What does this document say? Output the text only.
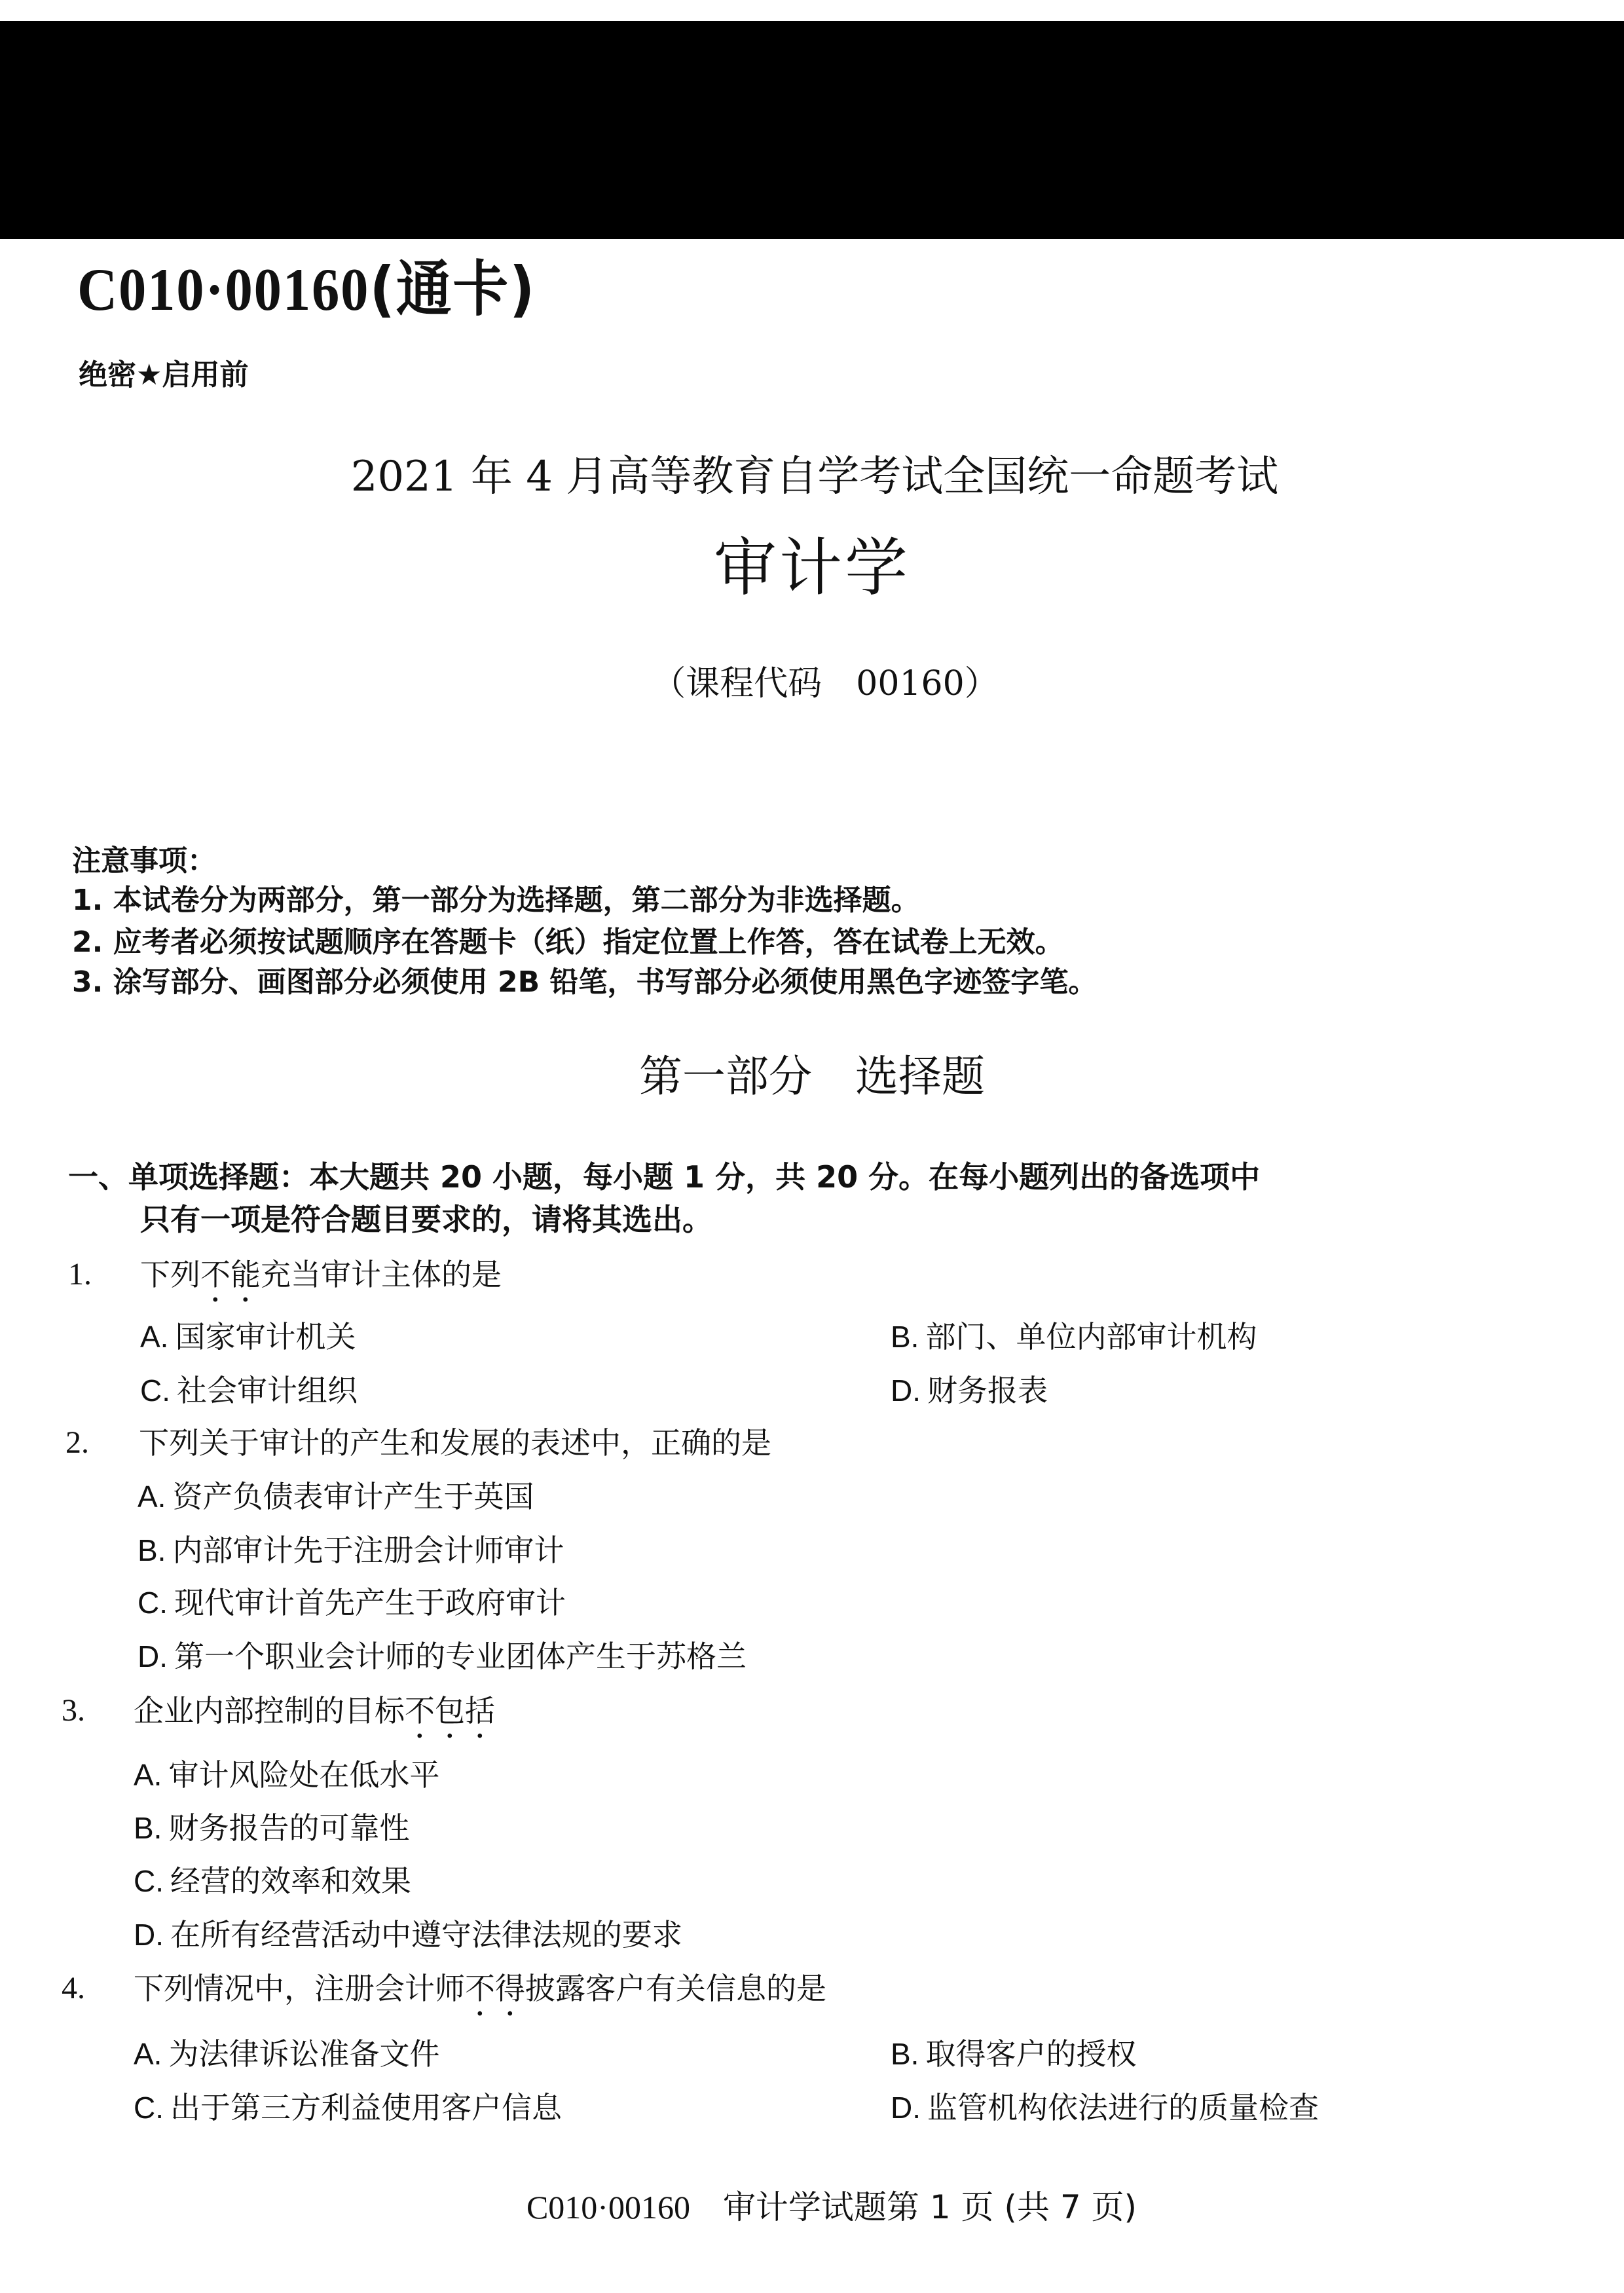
C010·00160(通卡)
绝密★启用前
2021 年 4 月高等教育自学考试全国统一命题考试
审计学
（课程代码　00160）
注意事项：
1. 本试卷分为两部分，第一部分为选择题，第二部分为非选择题。
2. 应考者必须按试题顺序在答题卡（纸）指定位置上作答，答在试卷上无效。
3. 涂写部分、画图部分必须使用 2B 铅笔，书写部分必须使用黑色字迹签字笔。
第一部分　选择题
一、单项选择题：本大题共 20 小题，每小题 1 分，共 20 分。在每小题列出的备选项中
只有一项是符合题目要求的，请将其选出。
1. 下列不能充当审计主体的是
A. 国家审计机关	B. 部门、单位内部审计机构
C. 社会审计组织	D. 财务报表
2. 下列关于审计的产生和发展的表述中，正确的是
A. 资产负债表审计产生于英国
B. 内部审计先于注册会计师审计
C. 现代审计首先产生于政府审计
D. 第一个职业会计师的专业团体产生于苏格兰
3. 企业内部控制的目标不包括
A. 审计风险处在低水平
B. 财务报告的可靠性
C. 经营的效率和效果
D. 在所有经营活动中遵守法律法规的要求
4. 下列情况中，注册会计师不得披露客户有关信息的是
A. 为法律诉讼准备文件	B. 取得客户的授权
C. 出于第三方利益使用客户信息	D. 监管机构依法进行的质量检查
C010·00160  审计学试题第 1 页 (共 7 页)
